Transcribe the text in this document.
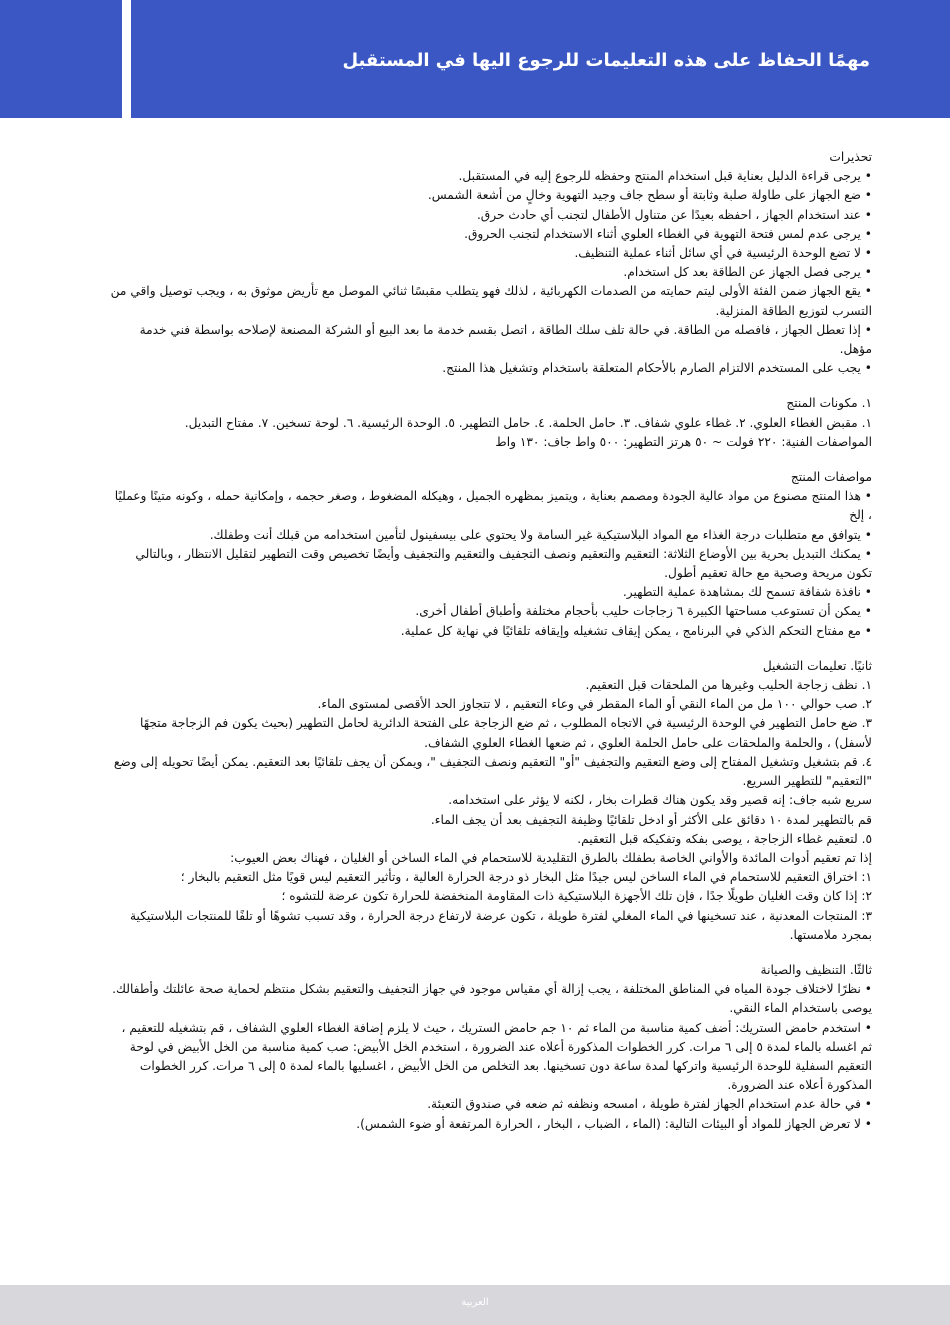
مهمًا الحفاظ على هذه التعليمات للرجوع اليها في المستقبل

تحذيرات

• يرجى قراءة الدليل بعناية قبل استخدام المنتج وحفظه للرجوع إليه في المستقبل.

• ضع الجهاز على طاولة صلبة وثابتة أو سطح جاف وجيد التهوية وخالٍ من أشعة الشمس.

• عند استخدام الجهاز ، احفظه بعيدًا عن متناول الأطفال لتجنب أي حادث حرق.

• يرجى عدم لمس فتحة التهوية في الغطاء العلوي أثناء الاستخدام لتجنب الحروق.

• لا تضع الوحدة الرئيسية في أي سائل أثناء عملية التنظيف.

• يرجى فصل الجهاز عن الطاقة بعد كل استخدام.

• يقع الجهاز ضمن الفئة الأولى ليتم حمايته من الصدمات الكهربائية ، لذلك فهو يتطلب مقبسًا ثنائي الموصل مع تأريض موثوق به ، ويجب توصيل واقي من التسرب لتوزيع الطاقة المنزلية.

• إذا تعطل الجهاز ، فافصله من الطاقة. في حالة تلف سلك الطاقة ، اتصل بقسم خدمة ما بعد البيع أو الشركة المصنعة لإصلاحه بواسطة فني خدمة مؤهل.

• يجب على المستخدم الالتزام الصارم بالأحكام المتعلقة باستخدام وتشغيل هذا المنتج.

١. مكونات المنتج

١. مقبض الغطاء العلوي. ٢. غطاء علوي شفاف. ٣. حامل الحلمة. ٤. حامل التطهير. ٥. الوحدة الرئيسية. ٦. لوحة تسخين. ٧. مفتاح التبديل.

المواصفات الفنية: ٢٢٠ فولت ~ ٥٠ هرتز التطهير: ٥٠٠ واط جاف: ١٣٠ واط

مواصفات المنتج

• هذا المنتج مصنوع من مواد عالية الجودة ومصمم بعناية ، ويتميز بمظهره الجميل ، وهيكله المضغوط ، وصغر حجمه ، وإمكانية حمله ، وكونه متينًا وعمليًا ، إلخ

• يتوافق مع متطلبات درجة الغذاء مع المواد البلاستيكية غير السامة ولا يحتوي على بيسفينول لتأمين استخدامه من قبلك أنت وطفلك.

• يمكنك التبديل بحرية بين الأوضاع الثلاثة: التعقيم والتعقيم ونصف التجفيف والتعقيم والتجفيف وأيضًا تخصيص وقت التطهير لتقليل الانتظار ، وبالتالي تكون مريحة وصحية مع حالة تعقيم أطول.

• نافذة شفافة تسمح لك بمشاهدة عملية التطهير.

• يمكن أن تستوعب مساحتها الكبيرة ٦ زجاجات حليب بأحجام مختلفة وأطباق أطفال أخرى.

• مع مفتاح التحكم الذكي في البرنامج ، يمكن إيقاف تشغيله وإيقافه تلقائيًا في نهاية كل عملية.

ثانيًا. تعليمات التشغيل

١. نظف زجاجة الحليب وغيرها من الملحقات قبل التعقيم.

٢. صب حوالي ١٠٠ مل من الماء النقي أو الماء المقطر في وعاء التعقيم ، لا تتجاوز الحد الأقصى لمستوى الماء.

٣. ضع حامل التطهير في الوحدة الرئيسية في الاتجاه المطلوب ، ثم ضع الزجاجة على الفتحة الدائرية لحامل التطهير (بحيث يكون فم الزجاجة متجهًا لأسفل) ، والحلمة والملحقات على حامل الحلمة العلوي ، ثم ضعها الغطاء العلوي الشفاف.

٤. قم بتشغيل وتشغيل المفتاح إلى وضع التعقيم والتجفيف "أو" التعقيم ونصف التجفيف "، ويمكن أن يجف تلقائيًا بعد التعقيم. يمكن أيضًا تحويله إلى وضع "التعقيم" للتطهير السريع.

سريع شبه جاف: إنه قصير وقد يكون هناك قطرات بخار ، لكنه لا يؤثر على استخدامه.

قم بالتطهير لمدة ١٠ دقائق على الأكثر أو ادخل تلقائيًا وظيفة التجفيف بعد أن يجف الماء.

٥. لتعقيم غطاء الزجاجة ، يوصى بفكه وتفكيكه قبل التعقيم.

إذا تم تعقيم أدوات المائدة والأواني الخاصة بطفلك بالطرق التقليدية للاستحمام في الماء الساخن أو الغليان ، فهناك بعض العيوب:

١: اختراق التعقيم للاستحمام في الماء الساخن ليس جيدًا مثل البخار ذو درجة الحرارة العالية ، وتأثير التعقيم ليس قويًا مثل التعقيم بالبخار ؛

٢: إذا كان وقت الغليان طويلًا جدًا ، فإن تلك الأجهزة البلاستيكية ذات المقاومة المنخفضة للحرارة تكون عرضة للتشوه ؛

٣: المنتجات المعدنية ، عند تسخينها في الماء المغلي لفترة طويلة ، تكون عرضة لارتفاع درجة الحرارة ، وقد تسبب تشوهًا أو تلفًا للمنتجات البلاستيكية بمجرد ملامستها.

ثالثًا. التنظيف والصيانة

• نظرًا لاختلاف جودة المياه في المناطق المختلفة ، يجب إزالة أي مقياس موجود في جهاز التجفيف والتعقيم بشكل منتظم لحماية صحة عائلتك وأطفالك. يوصى باستخدام الماء النقي.

• استخدم حامض الستريك: أضف كمية مناسبة من الماء ثم ١٠ جم حامض الستريك ، حيث لا يلزم إضافة الغطاء العلوي الشفاف ، قم بتشغيله للتعقيم ، ثم اغسله بالماء لمدة ٥ إلى ٦ مرات. كرر الخطوات المذكورة أعلاه عند الضرورة ، استخدم الخل الأبيض: صب كمية مناسبة من الخل الأبيض في لوحة التعقيم السفلية للوحدة الرئيسية واتركها لمدة ساعة دون تسخينها. بعد التخلص من الخل الأبيض ، اغسليها بالماء لمدة ٥ إلى ٦ مرات. كرر الخطوات المذكورة أعلاه عند الضرورة.

• في حالة عدم استخدام الجهاز لفترة طويلة ، امسحه ونظفه ثم ضعه في صندوق التعبئة.

• لا تعرض الجهاز للمواد أو البيئات التالية: (الماء ، الضباب ، البخار ، الحرارة المرتفعة أو ضوء الشمس).

العربية
